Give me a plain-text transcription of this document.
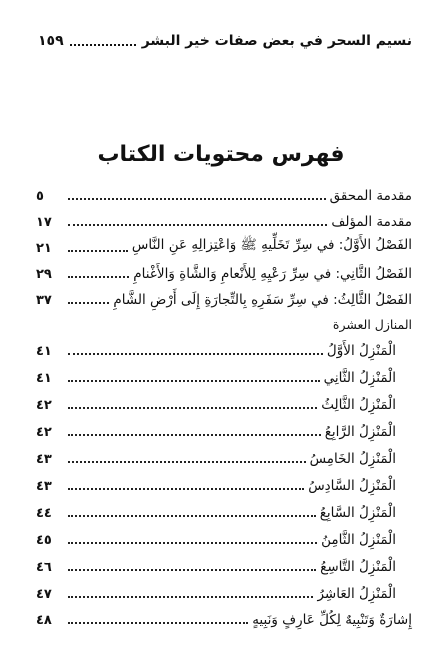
نسيم السحر في بعض صفات خير البشر
١٥٩
فهرس محتويات الكتاب
مقدمة المحقق
٥
مقدمة المؤلف
١٧
الفَصْلُ الأَوَّلُ: في سِرِّ تَخَلِّيهِ ﷺ وَاعْتِزالِهِ عَنِ النَّاسِ
٢١
الفَصْلُ الثَّانِي: في سِرِّ رَعْيِهِ لِلأَنْعامِ وَالشَّاةِ وَالأَغْنامِ
٢٩
الفَصْلُ الثَّالِثُ: في سِرِّ سَفَرِهِ بِالتِّجارَةِ إِلَى أَرْضِ الشَّامِ
٣٧
المنازل العشرة
الْمَنْزِلُ الأَوَّلُ
٤١
الْمَنْزِلُ الثَّانِي
٤١
الْمَنْزِلُ الثَّالِثُ
٤٢
الْمَنْزِلُ الرَّابِعُ
٤٢
الْمَنْزِلُ الخَامِسُ
٤٣
الْمَنْزِلُ السَّادِسُ
٤٣
الْمَنْزِلُ السَّابِعُ
٤٤
الْمَنْزِلُ الثَّامِنُ
٤٥
الْمَنْزِلُ التَّاسِعُ
٤٦
الْمَنْزِلُ العَاشِرُ
٤٧
إِشارَةٌ وَتَنْبِيهٌ لِكُلِّ عَارِفٍ وَنَبِيهٍ
٤٨
